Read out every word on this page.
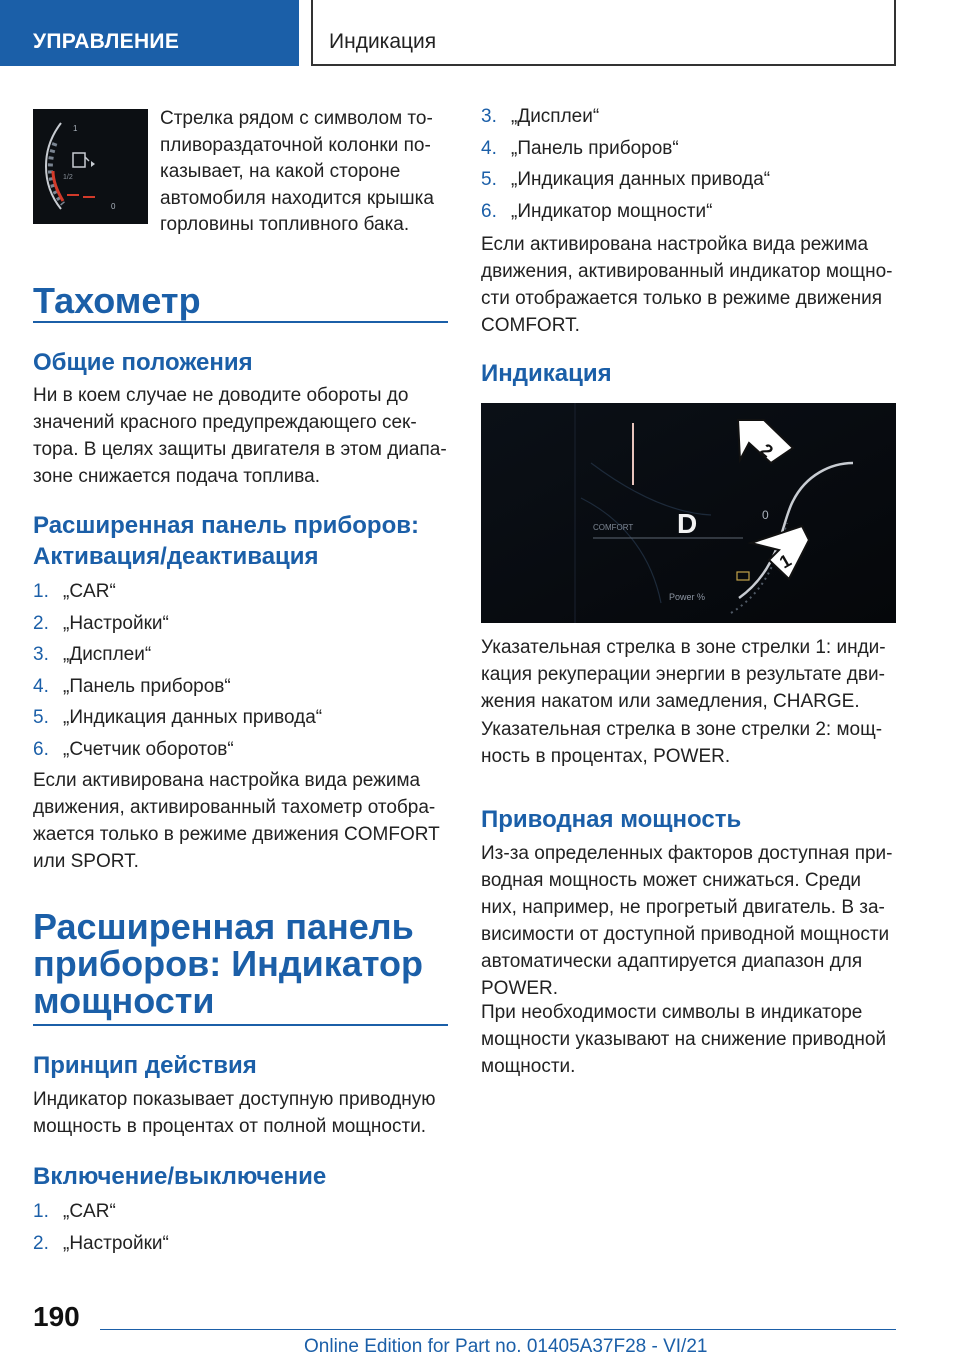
УПРАВЛЕНИЕ	Индикация
1
1/2
0

Стрелка рядом с символом то-
пливораздаточной колонки по-
казывает, на какой стороне
автомобиля находится крышка
горловины топливного бака.

Тахометр
Общие положения

Ни в коем случае не доводите обороты до
значений красного предупреждающего сек-
тора. В целях защиты двигателя в этом диапа-
зоне снижается подача топлива.

Расширенная панель приборов:
Активация/деактивация
1. „CAR“
2. „Настройки“
3. „Дисплеи“
4. „Панель приборов“
5. „Индикация данных привода“
6. „Счетчик оборотов“

Если активирована настройка вида режима
движения, активированный тахометр отобра-
жается только в режиме движения COMFORT
или SPORT.

Расширенная панель
приборов: Индикатор
мощности
Принцип действия

Индикатор показывает доступную приводную
мощность в процентах от полной мощности.

Включение/выключение
1. „CAR“
2. „Настройки“
3. „Дисплеи“
4. „Панель приборов“
5. „Индикация данных привода“
6. „Индикатор мощности“

Если активирована настройка вида режима
движения, активированный индикатор мощно-
сти отображается только в режиме движения
COMFORT.

Индикация
COMFORT D	0
Power %
2
1

Указательная стрелка в зоне стрелки 1: инди-
кация рекуперации энергии в результате дви-
жения накатом или замедления, CHARGE.

Указательная стрелка в зоне стрелки 2: мощ-
ность в процентах, POWER.

Приводная мощность

Из-за определенных факторов доступная при-
водная мощность может снижаться. Среди
них, например, не прогретый двигатель. В за-
висимости от доступной приводной мощности
автоматически адаптируется диапазон для
POWER.

При необходимости символы в индикаторе
мощности указывают на снижение приводной
мощности.

190
Online Edition for Part no. 01405A37F28 - VI/21
